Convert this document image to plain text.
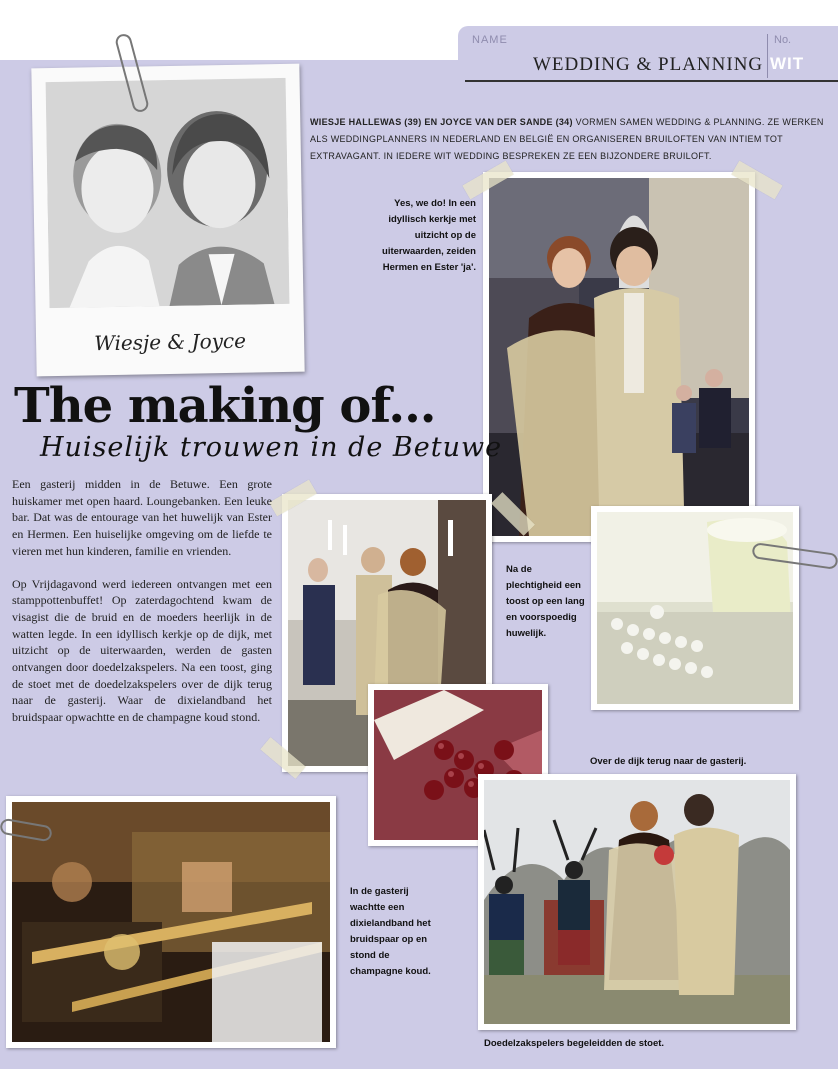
NAME	No.
WEDDING & PLANNING WIT
WIESJE HALLEWAS (39) EN JOYCE VAN DER SANDE (34) VORMEN SAMEN WEDDING & PLANNING. ZE WERKEN ALS WEDDINGPLANNERS IN NEDERLAND EN BELGIË EN ORGANISEREN BRUILOFTEN VAN INTIEM TOT EXTRAVAGANT. IN IEDERE WIT WEDDING BESPREKEN ZE EEN BIJZONDERE BRUILOFT.
Wiesje & Joyce
The making of...
Huiselijk trouwen in de Betuwe

Een gasterij midden in de Betuwe. Een grote huiskamer met open haard. Loungebanken. Een leuke bar. Dat was de entourage van het huwelijk van Ester en Hermen. Een huiselijke omgeving om de liefde te vieren met hun kinderen, familie en vrienden.

Op Vrijdagavond werd iedereen ontvangen met een stamppottenbuffet! Op zaterdagochtend kwam de visagist die de bruid en de moeders heerlijk in de watten legde. In een idyllisch kerkje op de dijk, met uitzicht op de uiterwaarden, werden de gasten ontvangen door doedelzakspelers. Na een toost, ging de stoet met de doedelzakspelers over de dijk terug naar de gasterij. Waar de dixielandband het bruidspaar opwachtte en de champagne koud stond.

Yes, we do! In een idyllisch kerkje met uitzicht op de uiterwaarden, zeiden Hermen en Ester 'ja'.
Na de plechtigheid een toost op een lang en voorspoedig huwelijk.
Over de dijk terug naar de gasterij.
In de gasterij wachtte een dixielandband het bruidspaar op en stond de champagne koud.
Doedelzakspelers begeleidden de stoet.
